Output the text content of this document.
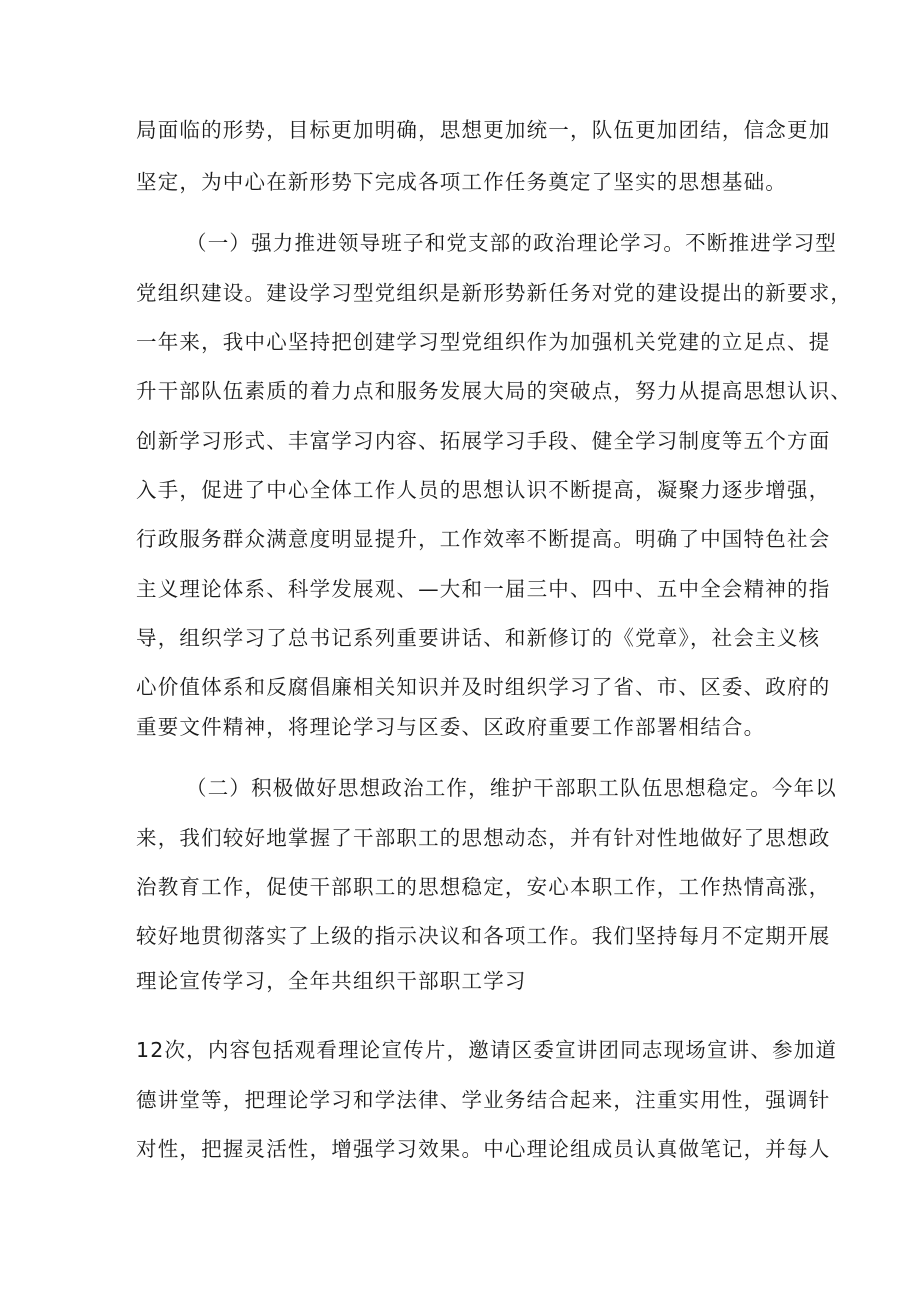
局面临的形势，目标更加明确，思想更加统一，队伍更加团结，信念更加
坚定，为中心在新形势下完成各项工作任务奠定了坚实的思想基础。
（一）强力推进领导班子和党支部的政治理论学习。不断推进学习型
党组织建设。建设学习型党组织是新形势新任务对党的建设提出的新要求，
一年来，我中心坚持把创建学习型党组织作为加强机关党建的立足点、提
升干部队伍素质的着力点和服务发展大局的突破点，努力从提高思想认识、
创新学习形式、丰富学习内容、拓展学习手段、健全学习制度等五个方面
入手，促进了中心全体工作人员的思想认识不断提高，凝聚力逐步增强，
行政服务群众满意度明显提升，工作效率不断提高。明确了中国特色社会
主义理论体系、科学发展观、—大和一届三中、四中、五中全会精神的指
导，组织学习了总书记系列重要讲话、和新修订的《党章》，社会主义核
心价值体系和反腐倡廉相关知识并及时组织学习了省、市、区委、政府的
重要文件精神，将理论学习与区委、区政府重要工作部署相结合。
（二）积极做好思想政治工作，维护干部职工队伍思想稳定。今年以
来，我们较好地掌握了干部职工的思想动态，并有针对性地做好了思想政
治教育工作，促使干部职工的思想稳定，安心本职工作，工作热情高涨，
较好地贯彻落实了上级的指示决议和各项工作。我们坚持每月不定期开展
理论宣传学习，全年共组织干部职工学习
12次，内容包括观看理论宣传片，邀请区委宣讲团同志现场宣讲、参加道
德讲堂等，把理论学习和学法律、学业务结合起来，注重实用性，强调针
对性，把握灵活性，增强学习效果。中心理论组成员认真做笔记，并每人
